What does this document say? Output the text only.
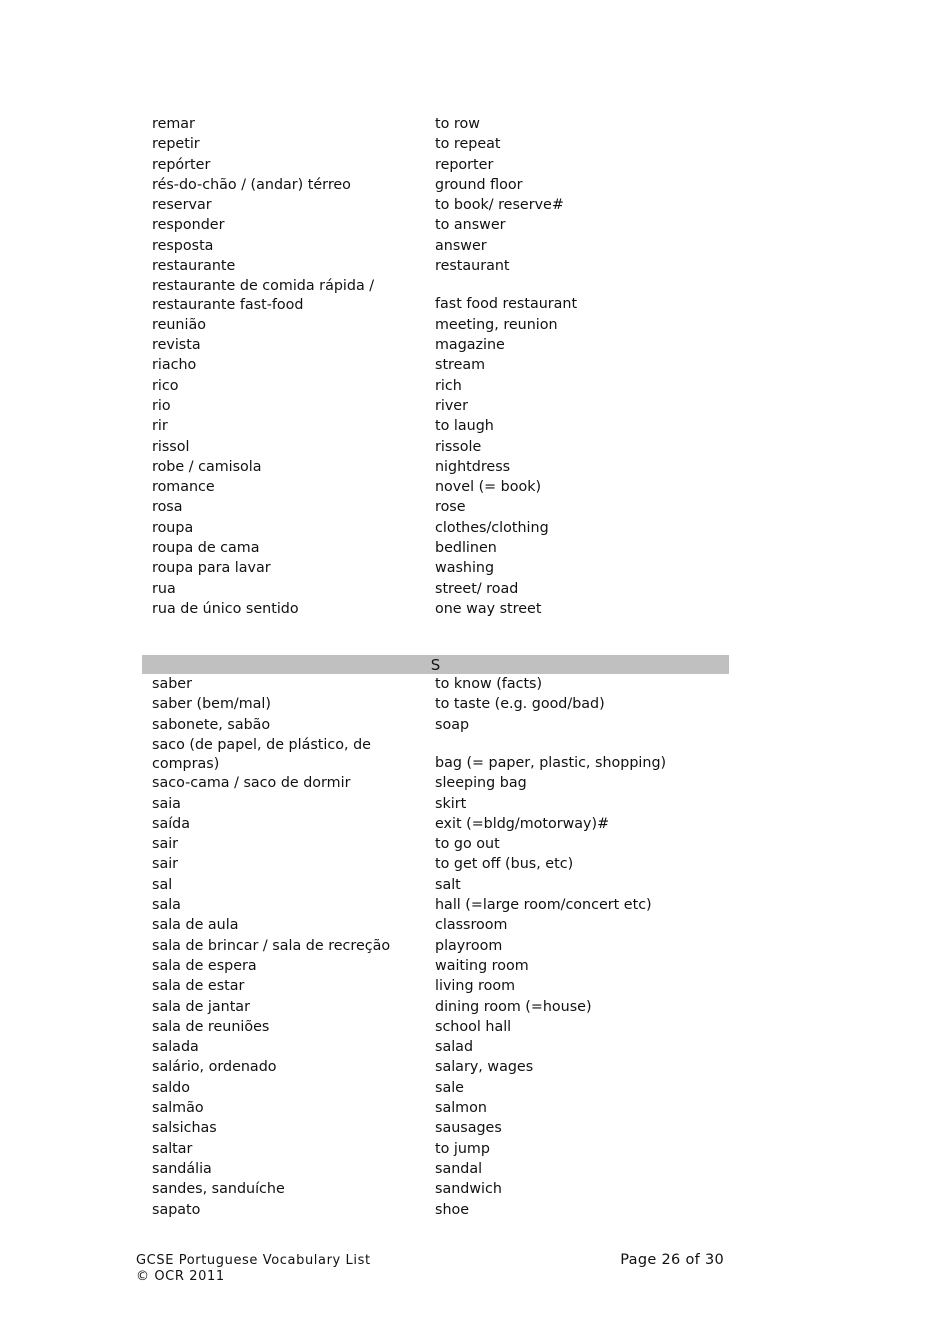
remar	to row
repetir	to repeat
repórter	reporter
rés-do-chão / (andar) térreo	ground floor
reservar	to book/ reserve#
responder	to answer
resposta	answer
restaurante	restaurant
restaurante de comida rápida /
restaurante fast-food	fast food restaurant
reunião	meeting, reunion
revista	magazine
riacho	stream
rico	rich
rio	river
rir	to laugh
rissol	rissole
robe / camisola	nightdress
romance	novel (= book)
rosa	rose
roupa	clothes/clothing
roupa de cama	bedlinen
roupa para lavar	washing
rua	street/ road
rua de único sentido	one way street
S
saber	to know (facts)
saber (bem/mal)	to taste (e.g. good/bad)
sabonete, sabão	soap
saco (de papel, de plástico, de
compras)	bag (= paper, plastic, shopping)
saco-cama / saco de dormir	sleeping bag
saia	skirt
saída	exit (=bldg/motorway)#
sair	to go out
sair	to get off (bus, etc)
sal	salt
sala	hall (=large room/concert etc)
sala de aula	classroom
sala de brincar / sala de recreção	playroom
sala de espera	waiting room
sala de estar	living room
sala de jantar	dining room (=house)
sala de reuniões	school hall
salada	salad
salário, ordenado	salary, wages
saldo	sale
salmão	salmon
salsichas	sausages
saltar	to jump
sandália	sandal
sandes, sanduíche	sandwich
sapato	shoe
GCSE Portuguese Vocabulary List
© OCR 2011
Page 26 of 30
